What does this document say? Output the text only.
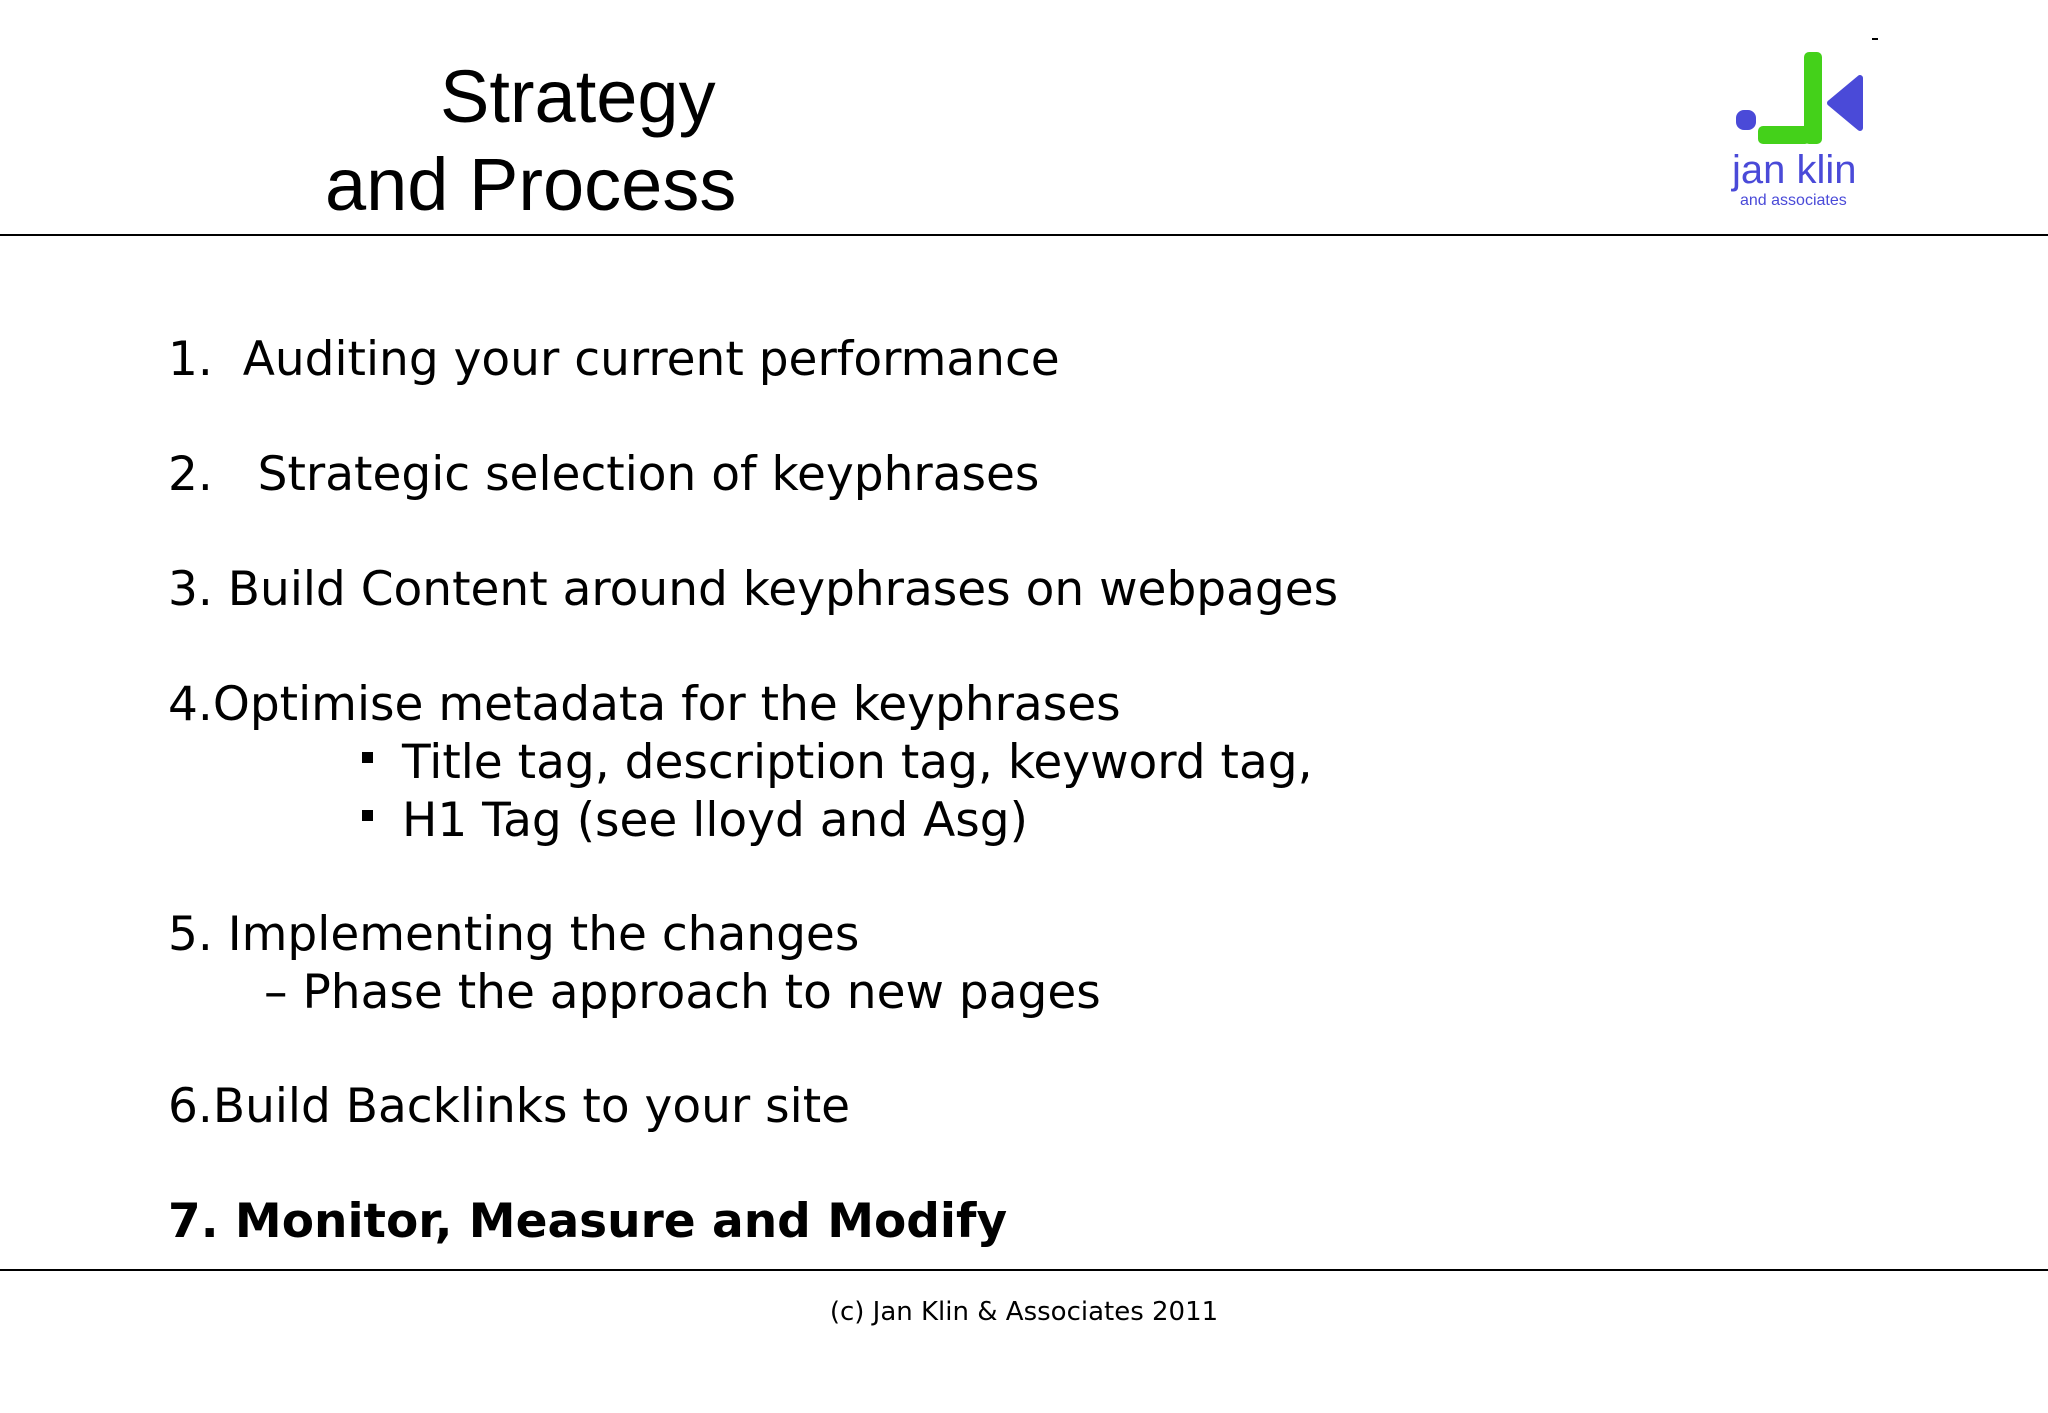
Strategy
and Process	jan klin
and associates
1.  Auditing your current performance
2.   Strategic selection of keyphrases
3. Build Content around keyphrases on webpages
4.Optimise metadata for the keyphrases
Title tag, description tag, keyword tag,
H1 Tag (see lloyd and Asg)
5. Implementing the changes
– Phase the approach to new pages
6.Build Backlinks to your site
7. Monitor, Measure and Modify
(c) Jan Klin & Associates 2011
